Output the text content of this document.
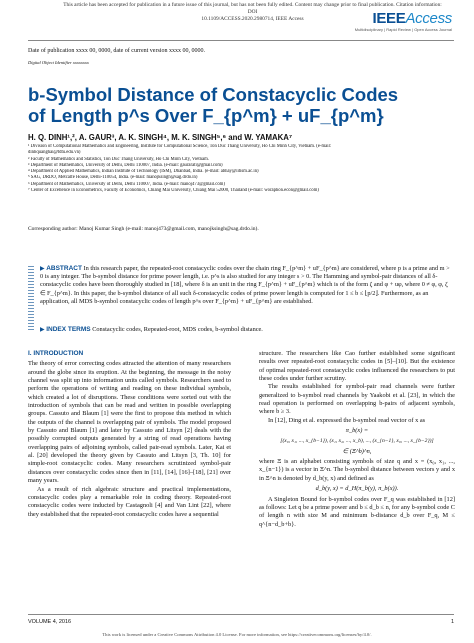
This article has been accepted for publication in a future issue of this journal, but has not been fully edited. Content may change prior to final publication. Citation information: DOI
10.1109/ACCESS.2020.2980714, IEEE Access	IEEEAccess
Multidisciplinary | Rapid Review | Open Access Journal
Date of publication xxxx 00, 0000, date of current version xxxx 00, 0000.
Digital Object Identifier xxxxxxxx
b-Symbol Distance of Constacyclic Codes
of Length p^s Over F_{p^m} + uF_{p^m}
H. Q. DINH¹,², A. GAUR³, A. K. SINGH⁴, M. K. SINGH⁵,⁶ and W. YAMAKA⁷
¹ Division of Computational Mathematics and Engineering, Institute for Computational Science, Ton Duc Thang University, Ho Chi Minh City, Vietnam. (e-mail:
dinhquanghai@tdtu.edu.vn)
² Faculty of Mathematics and Statistics, Ton Duc Thang University, Ho Chi Minh City, Vietnam.
³ Department of Mathematics, University of Delhi, Delhi 110007, India. (e-mail: gaurarati@gmail.com)
⁴ Department of Applied Mathematics, Indian Institute of Technology (ISM), Dhanbad, India. (e-mail: abhay@iitism.ac.in)
⁵ SAG, DRDO, Metcalfe House, Delhi-110054, India. (e-mail: manojksingh@sag.drdo.in)
⁶ Department of Mathematics, University of Delhi, Delhi 110007, India. (e-mail: manoj473@gmail.com)
⁷ Center of Excellence in Econometrics, Faculty of Economics, Chiang Mai University, Chiang Mai 52000, Thailand (e-mail: woraphon.econ@gmail.com)
Corresponding author: Manoj Kumar Singh (e-mail: manoj473@gmail.com, manojksingh@sag.drdo.in).
▶ ABSTRACT In this research paper, the repeated-root constacyclic codes over the chain ring F_{p^m} + uF_{p^m} are considered, where p is a prime and m > 0 is any integer. The b-symbol distance for prime power length, i.e. p^s is also studied for any integer s > 0. The Hamming and symbol-pair distances of all δ-constacyclic codes have been thoroughly studied in [18], where δ is an unit in the ring F_{p^m} + uF_{p^m} which is of the form ζ and φ + uφ, where 0 ≠ φ, φ, ζ ∈ F_{p^m}. In this paper, the b-symbol distance of all such δ-constacyclic codes of prime power length is computed for 1 ≤ b ≤ ⌊p/2⌋. Furthermore, as an application, all MDS b-symbol constacyclic codes of length p^s over F_{p^m} + uF_{p^m} are established.
▶ INDEX TERMS Constacyclic codes, Repeated-root, MDS codes, b-symbol distance.
I. INTRODUCTION

The theory of error correcting codes attracted the attention of many researchers around the globe since its eruption. At the beginning, the message in the noisy channel was split up into information units called symbols. Researchers used to perform the operations of writing and reading on these individual symbols, which created a lot of disruptions. These conditions were sorted out with the introduction of symbols that can be read and written in possible overlapping groups. Cassuto and Blaum [1] were the first to propose this method in which the outputs of the channel is overlapping pair of symbols. The model proposed by Cassuto and Blaum [1] and later by Cassuto and Litsyn [2] deals with the possibly corrupted outputs generated by a string of read operations having overlapping pairs of adjoining symbols, called pair-read symbols. Later, Kai et al. [20] developed the theory given by Cassuto and Litsyn [3, Th. 10] for simple-root constacyclic codes. Many researchers scrutinized symbol-pair distances over constacyclic codes since then in [11], [14], [16]–[18], [21] over many years.

As a result of rich algebraic structure and practical implementations, constacyclic codes play a remarkable role in coding theory. Repeated-root constacyclic codes were inducted by Castagnoli [4] and Van Lint [22], where they established that the repeated-root constacyclic codes have a sequential

structure. The researchers like Cao further established some significant results over repeated-root constacyclic codes in [5]–[10]. But the existence of optimal repeated-root constacyclic codes influenced the researchers to put these codes under further scrutiny.

The results established for symbol-pair read channels were further generalized to b-symbol read channels by Yaakobi et al. [23], in which the read operation is performed on overlapping b-pairs of adjacent symbols, where b ≥ 3.

In [12], Ding et al. expressed the b-symbol read vector of x as

π_b(x) =
[(x₀, x₁, ..., x_{b−1}), (x₁, x₂, ..., x_b), ..., (x_{n−1}, x₀, ..., x_{b−2})]
∈ (Ξ^b)^n,

where Ξ is an alphabet consisting symbols of size q and x = (x₀, x₁, ..., x_{n−1}) is a vector in Ξ^n. The b-symbol distance between vectors y and x in Ξ^n is denoted by d_b(y, x) and defined as

d_b(y, x) = d_H(π_b(y), π_b(x)).

A Singleton Bound for b-symbol codes over F_q was established in [12] as follows: Let q be a prime power and b ≤ d_b ≤ n, for any b-symbol code C of length n with size M and minimum b-distance d_b over F_q, M ≤ q^{n−d_b+b}.

VOLUME 4, 2016	1
This work is licensed under a Creative Commons Attribution 4.0 License. For more information, see https://creativecommons.org/licenses/by/4.0/.
